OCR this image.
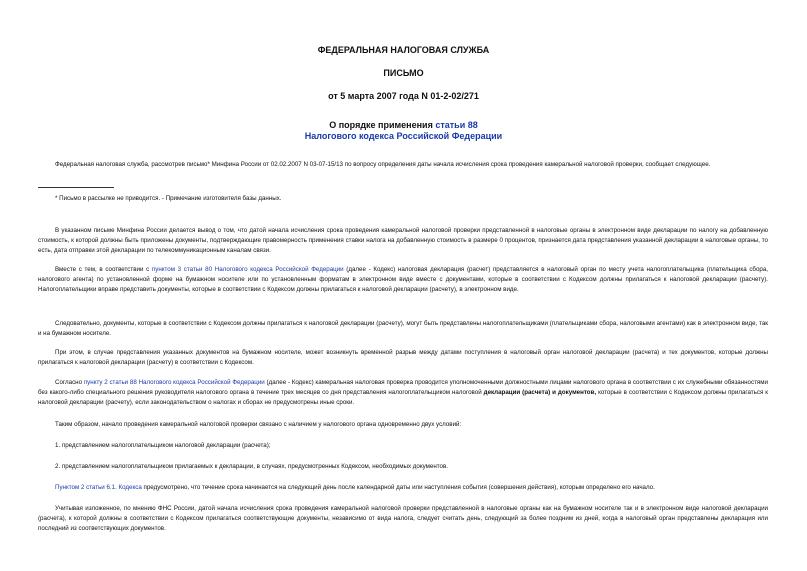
ФЕДЕРАЛЬНАЯ НАЛОГОВАЯ СЛУЖБА
ПИСЬМО
от 5 марта 2007 года N 01-2-02/271
О порядке применения статьи 88
Налогового кодекса Российской Федерации
Федеральная налоговая служба, рассмотрев письмо* Минфина России от 02.02.2007 N 03-07-15/13 по вопросу определения даты начала исчисления срока проведения камеральной налоговой проверки, сообщает следующее.
* Письмо в рассылке не приводится. - Примечание изготовителя базы данных.
В указанном письме Минфина России делается вывод о том, что датой начала исчисления срока проведения камеральной налоговой проверки представленной в налоговые органы в электронном виде декларации по налогу на добавленную стоимость, к которой должны быть приложены документы, подтверждающие правомерность применения ставки налога на добавленную стоимость в размере 0 процентов, признается дата представления указанной декларации в налоговые органы, то есть, дата отправки этой декларации по телекоммуникационным каналам связи.
Вместе с тем, в соответствии с пунктом 3 статьи 80 Налогового кодекса Российской Федерации (далее - Кодекс) налоговая декларация (расчет) представляется в налоговый орган по месту учета налогоплательщика (плательщика сбора, налогового агента) по установленной форме на бумажном носителе или по установленным форматам в электронном виде вместе с документами, которые в соответствии с Кодексом должны прилагаться к налоговой декларации (расчету). Налогоплательщики вправе представить документы, которые в соответствии с Кодексом должны прилагаться к налоговой декларации (расчету), в электронном виде.
Следовательно, документы, которые в соответствии с Кодексом должны прилагаться к налоговой декларации (расчету), могут быть представлены налогоплательщиками (плательщиками сбора, налоговыми агентами) как в электронном виде, так и на бумажном носителе.
При этом, в случае представления указанных документов на бумажном носителе, может возникнуть временной разрыв между датами поступления в налоговый орган налоговой декларации (расчета) и тех документов, которые должны прилагаться к налоговой декларации (расчету) в соответствии с Кодексом.
Согласно пункту 2 статьи 88 Налогового кодекса Российской Федерации (далее - Кодекс) камеральная налоговая проверка проводится уполномоченными должностными лицами налогового органа в соответствии с их служебными обязанностями без какого-либо специального решения руководителя налогового органа в течение трех месяцев со дня представления налогоплательщиком налоговой декларации (расчета) и документов, которые в соответствии с Кодексом должны прилагаться к налоговой декларации (расчету), если законодательством о налогах и сборах не предусмотрены иные сроки.
Таким образом, начало проведения камеральной налоговой проверки связано с наличием у налогового органа одновременно двух условий:
1. представлением налогоплательщиком налоговой декларации (расчета);
2. представлением налогоплательщиком прилагаемых к декларации, в случаях, предусмотренных Кодексом, необходимых документов.
Пунктом 2 статьи 6.1. Кодекса предусмотрено, что течение срока начинается на следующий день после календарной даты или наступления события (совершения действия), которым определено его начало.
Учитывая изложенное, по мнению ФНС России, датой начала исчисления срока проведения камеральной налоговой проверки представленной в налоговые органы как на бумажном носителе так и в электронном виде налоговой декларации (расчета), к которой должны в соответствии с Кодексом прилагаться соответствующие документы, независимо от вида налога, следует считать день, следующий за более поздним из дней, когда в налоговый орган представлены декларация или последний из соответствующих документов.
